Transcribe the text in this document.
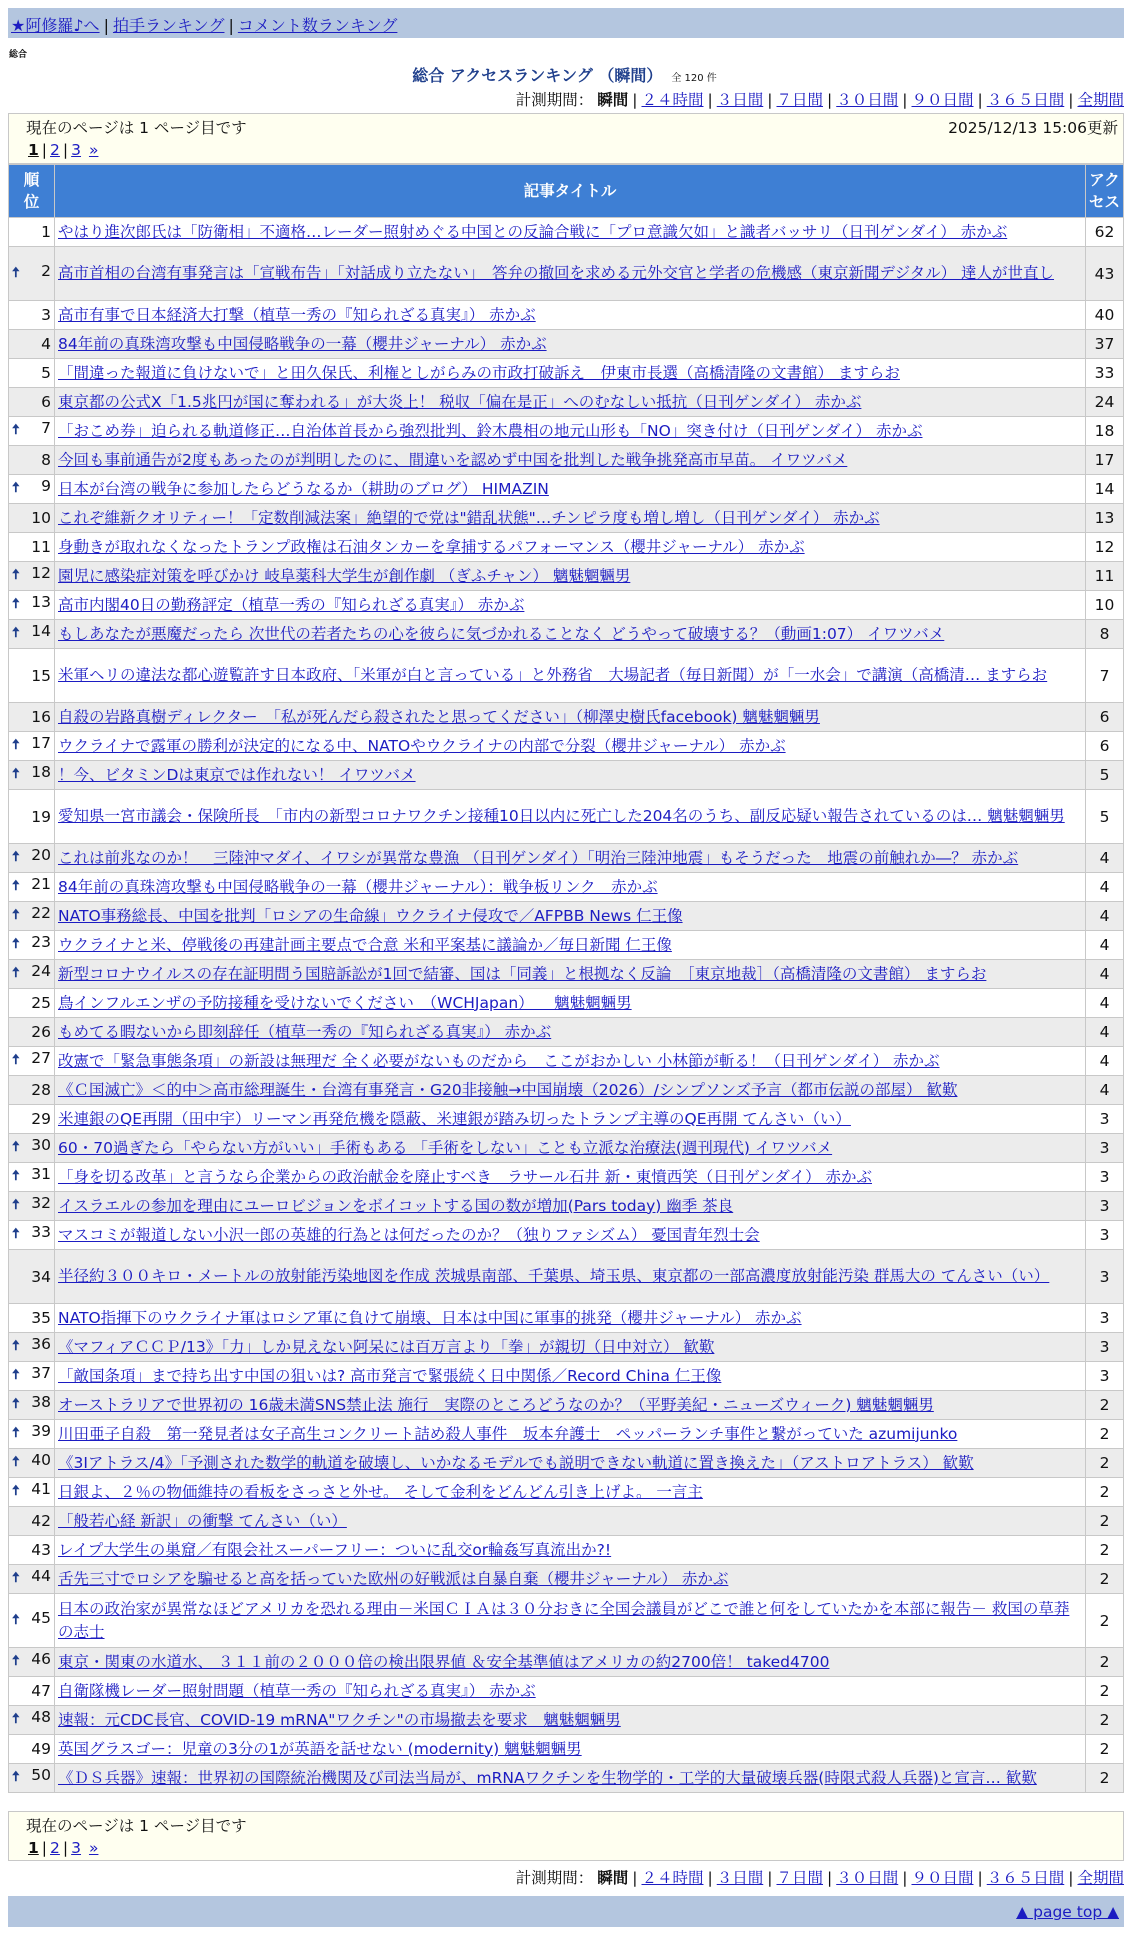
★阿修羅♪へ | 拍手ランキング | コメント数ランキング
総合
総合 アクセスランキング （瞬間） 全 120 件
計測期間： 瞬間 | ２４時間 | ３日間 | ７日間 | ３０日間 | ９０日間 | ３６５日間 | 全期間
現在のページは 1 ページ目です	2025/12/13 15:06更新
1 | 2 | 3 »
順
位	記事タイトル	アク
セス
1	やはり進次郎氏は「防衛相」不適格…レーダー照射めぐる中国との反論合戦に「プロ意識欠如」と識者バッサリ（日刊ゲンダイ） 赤かぶ	62

🠅 2	高市首相の台湾有事発言は「宣戦布告」「対話成り立たない」　答弁の撤回を求める元外交官と学者の危機感（東京新聞デジタル） 達人が世直し	43
3	高市有事で日本経済大打撃（植草一秀の『知られざる真実』） 赤かぶ	40
4	84年前の真珠湾攻撃も中国侵略戦争の一幕（櫻井ジャーナル） 赤かぶ	37
5	「間違った報道に負けないで」と田久保氏、利権としがらみの市政打破訴え　伊東市長選（高橋清隆の文書館） ますらお	33
6	東京都の公式X「1.5兆円が国に奪われる」が大炎上！ 税収「偏在是正」へのむなしい抵抗（日刊ゲンダイ） 赤かぶ	24

🠅 7	「おこめ券」迫られる軌道修正…自治体首長から強烈批判、鈴木農相の地元山形も「NO」突き付け（日刊ゲンダイ） 赤かぶ	18
8	今回も事前通告が2度もあったのが判明したのに、間違いを認めず中国を批判した戦争挑発高市早苗。 イワツバメ	17

🠅 9	日本が台湾の戦争に参加したらどうなるか（耕助のブログ） HIMAZIN	14
10	これぞ維新クオリティー！「定数削減法案」絶望的で党は"錯乱状態"…チンピラ度も増し増し（日刊ゲンダイ） 赤かぶ	13
11	身動きが取れなくなったトランプ政権は石油タンカーを拿捕するパフォーマンス（櫻井ジャーナル） 赤かぶ	12

🠅 12	園児に感染症対策を呼びかけ 岐阜薬科大学生が創作劇 （ぎふチャン） 魑魅魍魎男	11

🠅 13	高市内閣40日の勤務評定（植草一秀の『知られざる真実』） 赤かぶ	10

🠅 14	もしあなたが悪魔だったら 次世代の若者たちの心を彼らに気づかれることなく どうやって破壊する？（動画1:07） イワツバメ	8
15	米軍ヘリの違法な都心遊覧許す日本政府、「米軍が白と言っている」と外務省　大場記者（毎日新聞）が「一水会」で講演（高橋清… ますらお	7
16	自殺の岩路真樹ディレクター　「私が死んだら殺されたと思ってください」（柳澤史樹氏facebook) 魑魅魍魎男	6

🠅 17	ウクライナで露軍の勝利が決定的になる中、NATOやウクライナの内部で分裂（櫻井ジャーナル） 赤かぶ	6

🠅 18	！今、ビタミンDは東京では作れない！ イワツバメ	5
19	愛知県一宮市議会・保険所長　「市内の新型コロナワクチン接種10日以内に死亡した204名のうち、副反応疑い報告されているのは… 魑魅魍魎男	5

🠅 20	これは前兆なのか！　三陸沖マダイ、イワシが異常な豊漁 （日刊ゲンダイ）「明治三陸沖地震」もそうだった　地震の前触れか―？ 赤かぶ	4

🠅 21	84年前の真珠湾攻撃も中国侵略戦争の一幕（櫻井ジャーナル）：戦争板リンク　赤かぶ	4

🠅 22	NATO事務総長、中国を批判「ロシアの生命線」ウクライナ侵攻で／AFPBB News 仁王像	4

🠅 23	ウクライナと米、停戦後の再建計画主要点で合意 米和平案基に議論か／毎日新聞 仁王像	4

🠅 24	新型コロナウイルスの存在証明問う国賠訴訟が1回で結審、国は「同義」と根拠なく反論　［東京地裁］（高橋清隆の文書館） ますらお	4
25	鳥インフルエンザの予防接種を受けないでください　（WCHJapan） 　魑魅魍魎男	4
26	もめてる暇ないから即刻辞任（植草一秀の『知られざる真実』） 赤かぶ	4

🠅 27	改憲で「緊急事態条項」の新設は無理だ 全く必要がないものだから　ここがおかしい 小林節が斬る！（日刊ゲンダイ） 赤かぶ	4
28	《Ｃ国滅亡》＜的中＞高市総理誕生・台湾有事発言・G20非接触→中国崩壊（2026）/シンプソンズ予言（都市伝説の部屋） 歓歎	4
29	米連銀のQE再開（田中宇）リーマン再発危機を隠蔽、米連銀が踏み切ったトランプ主導のQE再開 てんさい（い）	3

🠅 30	60・70過ぎたら「やらない方がいい」手術もある 「手術をしない」ことも立派な治療法(週刊現代) イワツバメ	3

🠅 31	「身を切る改革」と言うなら企業からの政治献金を廃止すべき　ラサール石井 新・東憤西笑（日刊ゲンダイ） 赤かぶ	3

🠅 32	イスラエルの参加を理由にユーロビジョンをボイコットする国の数が増加(Pars today) 幽季 茶良	3

🠅 33	マスコミが報道しない小沢一郎の英雄的行為とは何だったのか？（独りファシズム） 憂国青年烈士会	3
34	半径約３００キロ・メートルの放射能汚染地図を作成 茨城県南部、千葉県、埼玉県、東京都の一部高濃度放射能汚染 群馬大の てんさい（い）	3
35	NATO指揮下のウクライナ軍はロシア軍に負けて崩壊、日本は中国に軍事的挑発（櫻井ジャーナル） 赤かぶ	3

🠅 36	《マフィアＣＣＰ/13》「力」しか見えない阿呆には百万言より「拳」が親切（日中対立） 歓歎	3

🠅 37	「敵国条項」まで持ち出す中国の狙いは? 高市発言で緊張続く日中関係／Record China 仁王像	3

🠅 38	オーストラリアで世界初の 16歳未満SNS禁止法 施行　実際のところどうなのか？（平野美紀・ニューズウィーク) 魑魅魍魎男	2

🠅 39	川田亜子自殺　第一発見者は女子高生コンクリート詰め殺人事件　坂本弁護士　ペッパーランチ事件と繋がっていた azumijunko	2

🠅 40	《3Iアトラス/4》「予測された数学的軌道を破壊し、いかなるモデルでも説明できない軌道に置き換えた」（アストロアトラス） 歓歎	2

🠅 41	日銀よ、２％の物価維持の看板をさっさと外せ。 そして金利をどんどん引き上げよ。 一言主	2
42	「般若心経 新訳」の衝撃 てんさい（い）	2
43	レイプ大学生の巣窟／有限会社スーパーフリー：ついに乱交or輪姦写真流出か?!	2

🠅 44	舌先三寸でロシアを騙せると高を括っていた欧州の好戦派は自暴自棄（櫻井ジャーナル） 赤かぶ	2

🠅 45	日本の政治家が異常なほどアメリカを恐れる理由－米国ＣＩＡは３０分おきに全国会議員がどこで誰と何をしていたかを本部に報告－ 救国の草莽の志士	2

🠅 46	東京・関東の水道水、 ３１１前の２０００倍の検出限界値 ＆安全基準値はアメリカの約2700倍！ taked4700	2
47	自衛隊機レーダー照射問題（植草一秀の『知られざる真実』） 赤かぶ	2

🠅 48	速報：元CDC長官、COVID-19 mRNA"ワクチン"の市場撤去を要求　魑魅魍魎男	2
49	英国グラスゴー：児童の3分の1が英語を話せない (modernity) 魑魅魍魎男	2

🠅 50	《ＤＳ兵器》速報：世界初の国際統治機関及び司法当局が、mRNAワクチンを生物学的・工学的大量破壊兵器(時限式殺人兵器)と宣言… 歓歎	2
現在のページは 1 ページ目です
1 | 2 | 3 »
計測期間： 瞬間 | ２４時間 | ３日間 | ７日間 | ３０日間 | ９０日間 | ３６５日間 | 全期間
▲ page top ▲
